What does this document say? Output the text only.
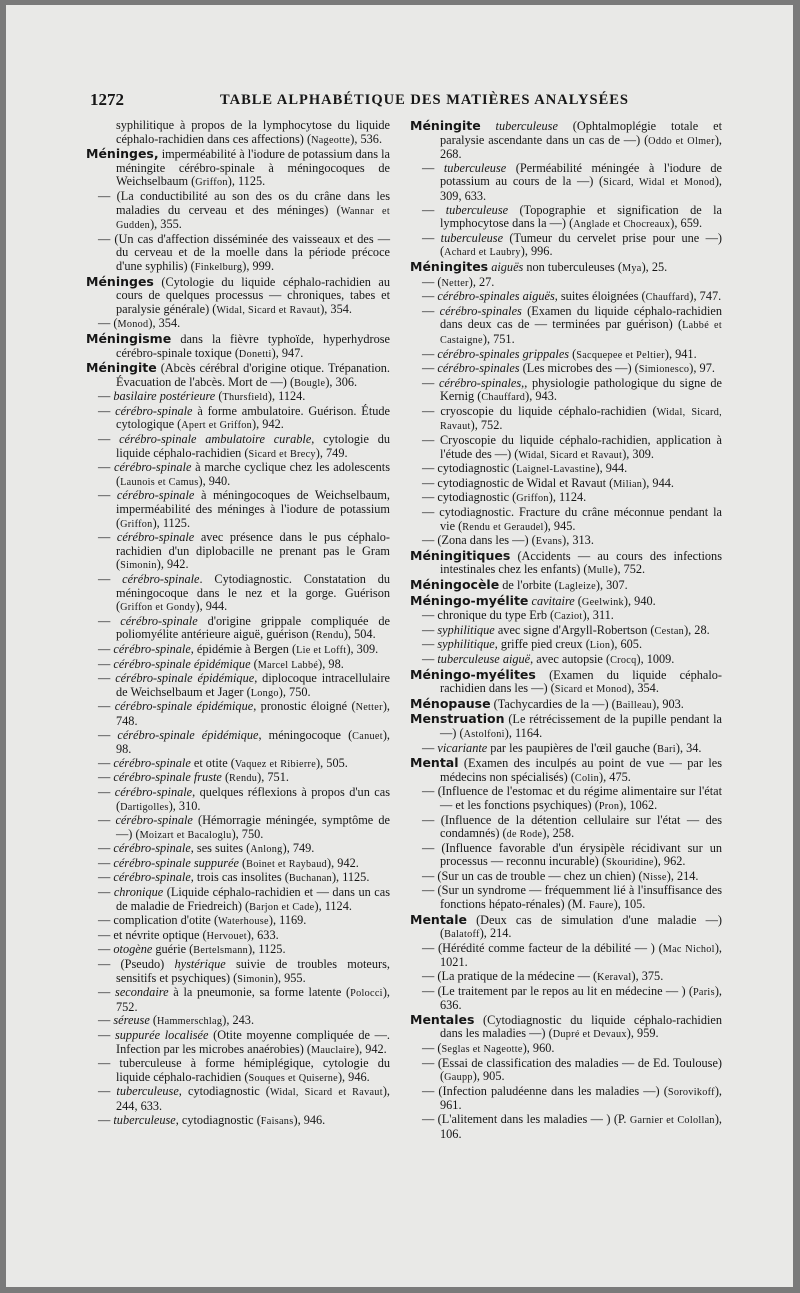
1272	TABLE ALPHABÉTIQUE DES MATIÈRES ANALYSÉES

syphilitique à propos de la lymphocytose du liquide céphalo-rachidien dans ces affections) (Nageotte), 536.

Méninges, imperméabilité à l'iodure de potassium dans la méningite cérébro-spinale à méningocoques de Weichselbaum (Griffon), 1125.

— (La conductibilité au son des os du crâne dans les maladies du cerveau et des méninges) (Wannar et Gudden), 355.

— (Un cas d'affection disséminée des vaisseaux et des — du cerveau et de la moelle dans la période précoce d'une syphilis) (Finkelburg), 999.

Méninges (Cytologie du liquide céphalo-rachidien au cours de quelques processus — chroniques, tabes et paralysie générale) (Widal, Sicard et Ravaut), 354.

— (Monod), 354.

Méningisme dans la fièvre typhoïde, hyperhydrose cérébro-spinale toxique (Donetti), 947.

Méningite (Abcès cérébral d'origine otique. Trépanation. Évacuation de l'abcès. Mort de —) (Bougle), 306.

— basilaire postérieure (Thursfield), 1124.

— cérébro-spinale à forme ambulatoire. Guérison. Étude cytologique (Apert et Griffon), 942.

— cérébro-spinale ambulatoire curable, cytologie du liquide céphalo-rachidien (Sicard et Brecy), 749.

— cérébro-spinale à marche cyclique chez les adolescents (Launois et Camus), 940.

— cérébro-spinale à méningocoques de Weichselbaum, imperméabilité des méninges à l'iodure de potassium (Griffon), 1125.

— cérébro-spinale avec présence dans le pus céphalo-rachidien d'un diplobacille ne prenant pas le Gram (Simonin), 942.

— cérébro-spinale. Cytodiagnostic. Constatation du méningocoque dans le nez et la gorge. Guérison (Griffon et Gondy), 944.

— cérébro-spinale d'origine grippale compliquée de poliomyélite antérieure aiguë, guérison (Rendu), 504.

— cérébro-spinale, épidémie à Bergen (Lie et Lofft), 309.

— cérébro-spinale épidémique (Marcel Labbé), 98.

— cérébro-spinale épidémique, diplocoque intracellulaire de Weichselbaum et Jager (Longo), 750.

— cérébro-spinale épidémique, pronostic éloigné (Netter), 748.

— cérébro-spinale épidémique, méningocoque (Canuet), 98.

— cérébro-spinale et otite (Vaquez et Ribierre), 505.

— cérébro-spinale fruste (Rendu), 751.

— cérébro-spinale, quelques réflexions à propos d'un cas (Dartigolles), 310.

— cérébro-spinale (Hémorragie méningée, symptôme de —) (Moizart et Bacaloglu), 750.

— cérébro-spinale, ses suites (Anlong), 749.

— cérébro-spinale suppurée (Boinet et Raybaud), 942.

— cérébro-spinale, trois cas insolites (Buchanan), 1125.

— chronique (Liquide céphalo-rachidien et — dans un cas de maladie de Friedreich) (Barjon et Cade), 1124.

— complication d'otite (Waterhouse), 1169.

— et névrite optique (Hervouet), 633.

— otogène guérie (Bertelsmann), 1125.

— (Pseudo) hystérique suivie de troubles moteurs, sensitifs et psychiques) (Simonin), 955.

— secondaire à la pneumonie, sa forme latente (Polocci), 752.

— séreuse (Hammerschlag), 243.

— suppurée localisée (Otite moyenne compliquée de —. Infection par les microbes anaérobies) (Mauclaire), 942.

— tuberculeuse à forme hémiplégique, cytologie du liquide céphalo-rachidien (Souques et Quiserne), 946.

— tuberculeuse, cytodiagnostic (Widal, Sicard et Ravaut), 244, 633.

— tuberculeuse, cytodiagnostic (Faisans), 946.

Méningite tuberculeuse (Ophtalmoplégie totale et paralysie ascendante dans un cas de —) (Oddo et Olmer), 268.

— tuberculeuse (Perméabilité méningée à l'iodure de potassium au cours de la —) (Sicard, Widal et Monod), 309, 633.

— tuberculeuse (Topographie et signification de la lymphocytose dans la —) (Anglade et Chocreaux), 659.

— tuberculeuse (Tumeur du cervelet prise pour une —) (Achard et Laubry), 996.

Méningites aiguës non tuberculeuses (Mya), 25.

— (Netter), 27.

— cérébro-spinales aiguës, suites éloignées (Chauffard), 747.

— cérébro-spinales (Examen du liquide céphalo-rachidien dans deux cas de — terminées par guérison) (Labbé et Castaigne), 751.

— cérébro-spinales grippales (Sacquepee et Peltier), 941.

— cérébro-spinales (Les microbes des —) (Simionesco), 97.

— cérébro-spinales,, physiologie pathologique du signe de Kernig (Chauffard), 943.

— cryoscopie du liquide céphalo-rachidien (Widal, Sicard, Ravaut), 752.

— Cryoscopie du liquide céphalo-rachidien, application à l'étude des —) (Widal, Sicard et Ravaut), 309.

— cytodiagnostic (Laignel-Lavastine), 944.

— cytodiagnostic de Widal et Ravaut (Milian), 944.

— cytodiagnostic (Griffon), 1124.

— cytodiagnostic. Fracture du crâne méconnue pendant la vie (Rendu et Geraudel), 945.

— (Zona dans les —) (Evans), 313.

Méningitiques (Accidents — au cours des infections intestinales chez les enfants) (Mulle), 752.

Méningocèle de l'orbite (Lagleize), 307.

Méningo-myélite cavitaire (Geelwink), 940.

— chronique du type Erb (Caziot), 311.

— syphilitique avec signe d'Argyll-Robertson (Cestan), 28.

— syphilitique, griffe pied creux (Lion), 605.

— tuberculeuse aiguë, avec autopsie (Crocq), 1009.

Méningo-myélites (Examen du liquide céphalo-rachidien dans les —) (Sicard et Monod), 354.

Ménopause (Tachycardies de la —) (Bailleau), 903.

Menstruation (Le rétrécissement de la pupille pendant la —) (Astolfoni), 1164.

— vicariante par les paupières de l'œil gauche (Bari), 34.

Mental (Examen des inculpés au point de vue — par les médecins non spécialisés) (Colin), 475.

— (Influence de l'estomac et du régime alimentaire sur l'état — et les fonctions psychiques) (Pron), 1062.

— (Influence de la détention cellulaire sur l'état — des condamnés) (de Rode), 258.

— (Influence favorable d'un érysipèle récidivant sur un processus — reconnu incurable) (Skouridine), 962.

— (Sur un cas de trouble — chez un chien) (Nisse), 214.

— (Sur un syndrome — fréquemment lié à l'insuffisance des fonctions hépato-rénales) (M. Faure), 105.

Mentale (Deux cas de simulation d'une maladie —) (Balatoff), 214.

— (Hérédité comme facteur de la débilité — ) (Mac Nichol), 1021.

— (La pratique de la médecine — (Keraval), 375.

— (Le traitement par le repos au lit en médecine — ) (Paris), 636.

Mentales (Cytodiagnostic du liquide céphalo-rachidien dans les maladies —) (Dupré et Devaux), 959.

— (Seglas et Nageotte), 960.

— (Essai de classification des maladies — de Ed. Toulouse) (Gaupp), 905.

— (Infection paludéenne dans les maladies —) (Sorovikoff), 961.

— (L'alitement dans les maladies — ) (P. Garnier et Colollan), 106.
